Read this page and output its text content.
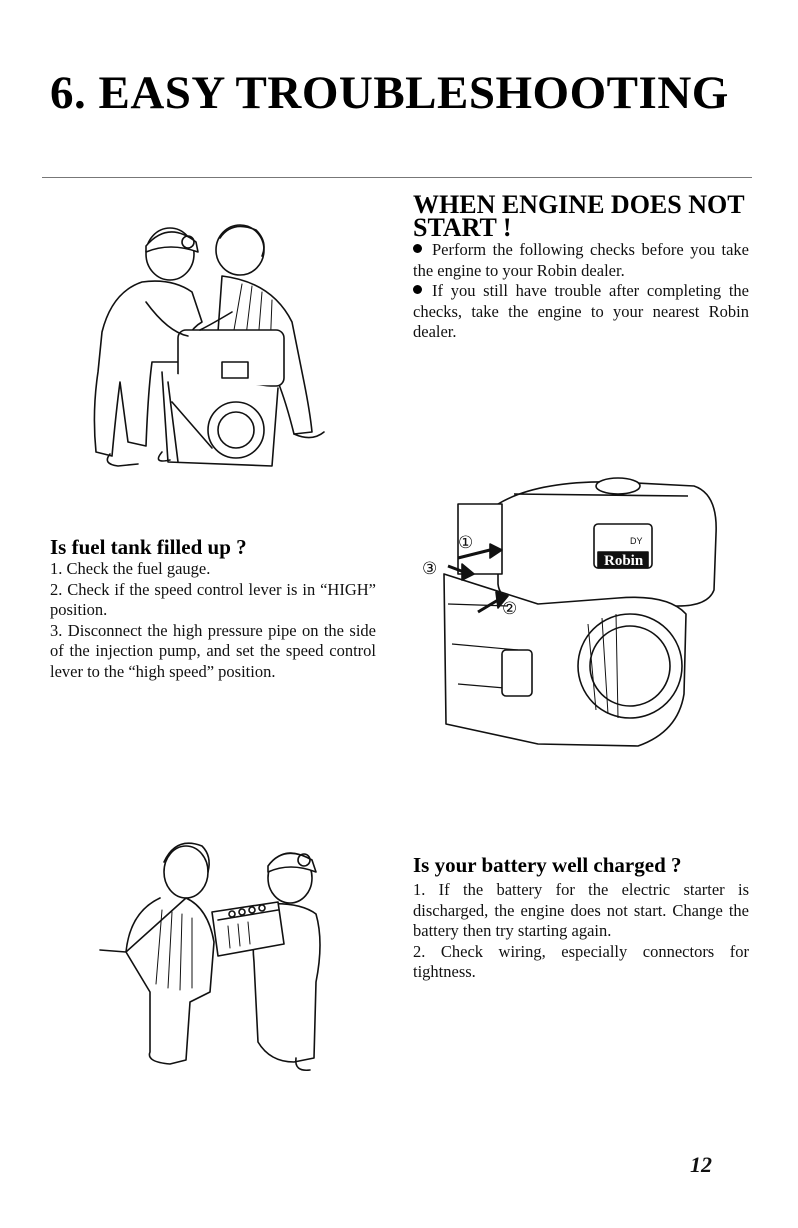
6. EASY TROUBLESHOOTING
WHEN ENGINE DOES NOT START !

Perform the following checks before you take the engine to your Robin dealer.

If you still have trouble after completing the checks, take the engine to your nearest Robin dealer.

Is fuel tank filled up ?

1. Check the fuel gauge.

2. Check if the speed control lever is in “HIGH” position.

3. Disconnect the high pressure pipe on the side of the injection pump, and set the speed control lever to the “high speed” position.

Is your battery well charged ?

1. If the battery for the electric starter is discharged, the engine does not start. Change the battery then try starting again.

2. Check wiring, especially connectors for tightness.

12
①
②
③	Robin
DY
